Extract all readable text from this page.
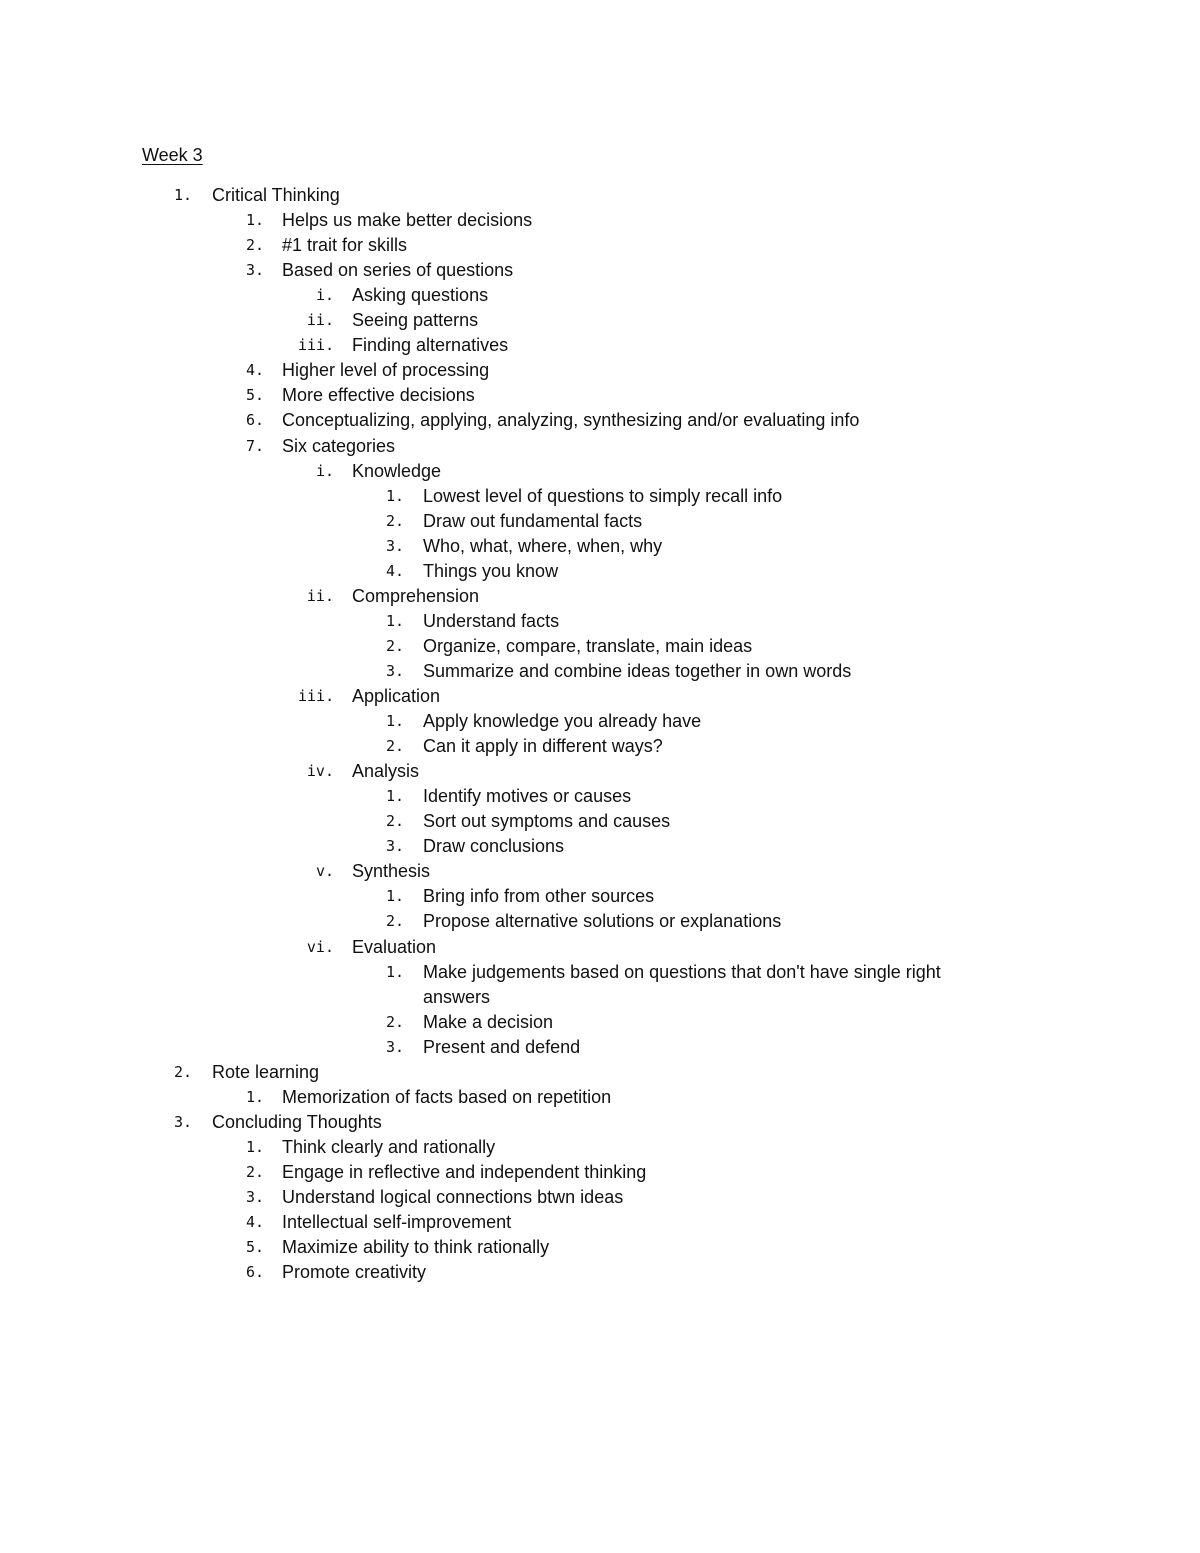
Week 3
1. Critical Thinking
1. Helps us make better decisions
2. #1 trait for skills
3. Based on series of questions
i. Asking questions
ii. Seeing patterns
iii. Finding alternatives
4. Higher level of processing
5. More effective decisions
6. Conceptualizing, applying, analyzing, synthesizing and/or evaluating info
7. Six categories
i. Knowledge
1. Lowest level of questions to simply recall info
2. Draw out fundamental facts
3. Who, what, where, when, why
4. Things you know
ii. Comprehension
1. Understand facts
2. Organize, compare, translate, main ideas
3. Summarize and combine ideas together in own words
iii. Application
1. Apply knowledge you already have
2. Can it apply in different ways?
iv. Analysis
1. Identify motives or causes
2. Sort out symptoms and causes
3. Draw conclusions
v. Synthesis
1. Bring info from other sources
2. Propose alternative solutions or explanations
vi. Evaluation
1. Make judgements based on questions that don't have single right
answers
2. Make a decision
3. Present and defend
2. Rote learning
1. Memorization of facts based on repetition
3. Concluding Thoughts
1. Think clearly and rationally
2. Engage in reflective and independent thinking
3. Understand logical connections btwn ideas
4. Intellectual self-improvement
5. Maximize ability to think rationally
6. Promote creativity
